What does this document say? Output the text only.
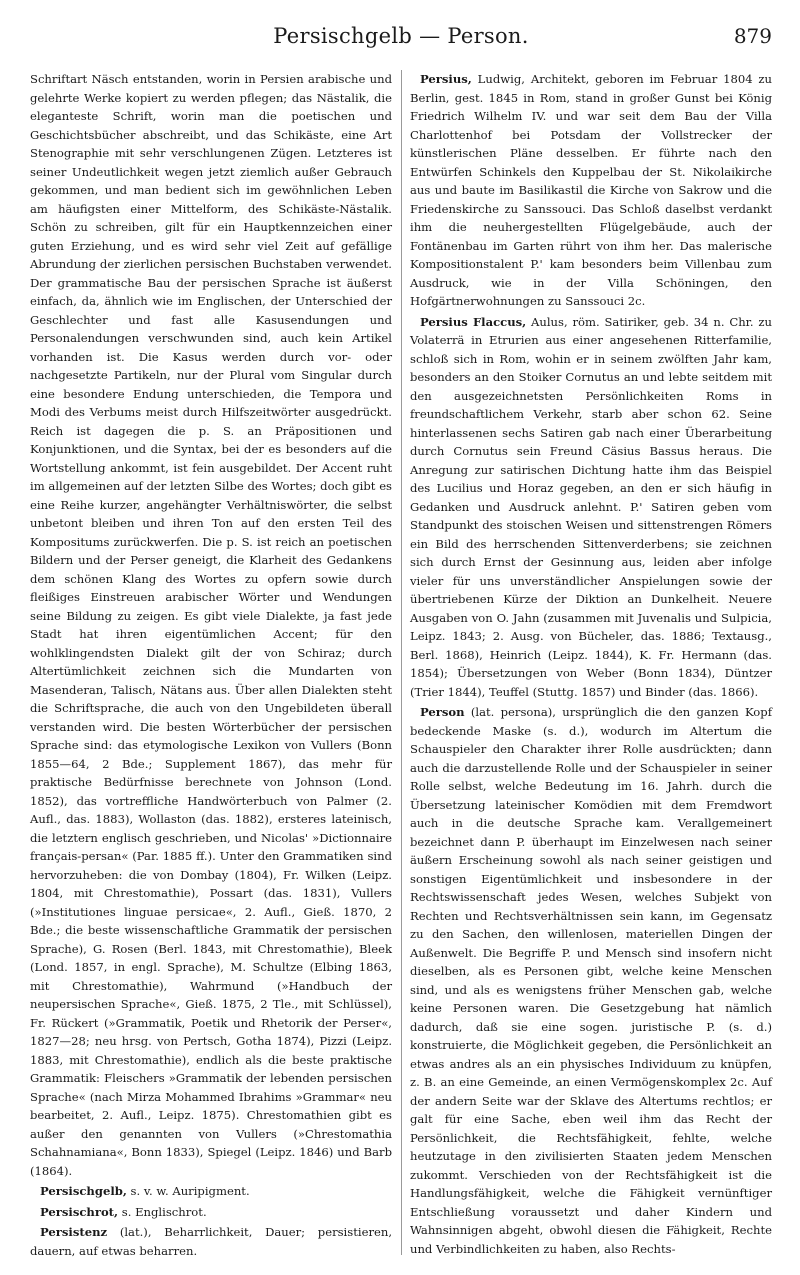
Persischgelb — Person.	879

Schriftart Näsch entstanden, worin in Persien arabische und gelehrte Werke kopiert zu werden pflegen; das Nästalik, die eleganteste Schrift, worin man die poetischen und Geschichtsbücher abschreibt, und das Schikäste, eine Art Stenographie mit sehr verschlungenen Zügen. Letzteres ist seiner Undeutlichkeit wegen jetzt ziemlich außer Gebrauch gekommen, und man bedient sich im gewöhnlichen Leben am häufigsten einer Mittelform, des Schikäste-Nästalik. Schön zu schreiben, gilt für ein Hauptkennzeichen einer guten Erziehung, und es wird sehr viel Zeit auf gefällige Abrundung der zierlichen persischen Buchstaben verwendet. Der grammatische Bau der persischen Sprache ist äußerst einfach, da, ähnlich wie im Englischen, der Unterschied der Geschlechter und fast alle Kasusendungen und Personalendungen verschwunden sind, auch kein Artikel vorhanden ist. Die Kasus werden durch vor- oder nachgesetzte Partikeln, nur der Plural vom Singular durch eine besondere Endung unterschieden, die Tempora und Modi des Verbums meist durch Hilfszeitwörter ausgedrückt. Reich ist dagegen die p. S. an Präpositionen und Konjunktionen, und die Syntax, bei der es besonders auf die Wortstellung ankommt, ist fein ausgebildet. Der Accent ruht im allgemeinen auf der letzten Silbe des Wortes; doch gibt es eine Reihe kurzer, angehängter Verhältniswörter, die selbst unbetont bleiben und ihren Ton auf den ersten Teil des Kompositums zurückwerfen. Die p. S. ist reich an poetischen Bildern und der Perser geneigt, die Klarheit des Gedankens dem schönen Klang des Wortes zu opfern sowie durch fleißiges Einstreuen arabischer Wörter und Wendungen seine Bildung zu zeigen. Es gibt viele Dialekte, ja fast jede Stadt hat ihren eigentümlichen Accent; für den wohlklingendsten Dialekt gilt der von Schiraz; durch Altertümlichkeit zeichnen sich die Mundarten von Masenderan, Talisch, Nätans aus. Über allen Dialekten steht die Schriftsprache, die auch von den Ungebildeten überall verstanden wird. Die besten Wörterbücher der persischen Sprache sind: das etymologische Lexikon von Vullers (Bonn 1855—64, 2 Bde.; Supplement 1867), das mehr für praktische Bedürfnisse berechnete von Johnson (Lond. 1852), das vortreffliche Handwörterbuch von Palmer (2. Aufl., das. 1883), Wollaston (das. 1882), ersteres lateinisch, die letztern englisch geschrieben, und Nicolas' »Dictionnaire français-persan« (Par. 1885 ff.). Unter den Grammatiken sind hervorzuheben: die von Dombay (1804), Fr. Wilken (Leipz. 1804, mit Chrestomathie), Possart (das. 1831), Vullers (»Institutiones linguae persicae«, 2. Aufl., Gieß. 1870, 2 Bde.; die beste wissenschaftliche Grammatik der persischen Sprache), G. Rosen (Berl. 1843, mit Chrestomathie), Bleek (Lond. 1857, in engl. Sprache), M. Schultze (Elbing 1863, mit Chrestomathie), Wahrmund (»Handbuch der neupersischen Sprache«, Gieß. 1875, 2 Tle., mit Schlüssel), Fr. Rückert (»Grammatik, Poetik und Rhetorik der Perser«, 1827—28; neu hrsg. von Pertsch, Gotha 1874), Pizzi (Leipz. 1883, mit Chrestomathie), endlich als die beste praktische Grammatik: Fleischers »Grammatik der lebenden persischen Sprache« (nach Mirza Mohammed Ibrahims »Grammar« neu bearbeitet, 2. Aufl., Leipz. 1875). Chrestomathien gibt es außer den genannten von Vullers (»Chrestomathia Schahnamiana«, Bonn 1833), Spiegel (Leipz. 1846) und Barb (1864).

Persischgelb, s. v. w. Auripigment.

Persischrot, s. Englischrot.

Persistenz (lat.), Beharrlichkeit, Dauer; persistieren, dauern, auf etwas beharren.

Persius, Ludwig, Architekt, geboren im Februar 1804 zu Berlin, gest. 1845 in Rom, stand in großer Gunst bei König Friedrich Wilhelm IV. und war seit dem Bau der Villa Charlottenhof bei Potsdam der Vollstrecker der künstlerischen Pläne desselben. Er führte nach den Entwürfen Schinkels den Kuppelbau der St. Nikolaikirche aus und baute im Basilikastil die Kirche von Sakrow und die Friedenskirche zu Sanssouci. Das Schloß daselbst verdankt ihm die neuhergestellten Flügelgebäude, auch der Fontänenbau im Garten rührt von ihm her. Das malerische Kompositionstalent P.' kam besonders beim Villenbau zum Ausdruck, wie in der Villa Schöningen, den Hofgärtnerwohnungen zu Sanssouci 2c.

Persius Flaccus, Aulus, röm. Satiriker, geb. 34 n. Chr. zu Volaterrä in Etrurien aus einer angesehenen Ritterfamilie, schloß sich in Rom, wohin er in seinem zwölften Jahr kam, besonders an den Stoiker Cornutus an und lebte seitdem mit den ausgezeichnetsten Persönlichkeiten Roms in freundschaftlichem Verkehr, starb aber schon 62. Seine hinterlassenen sechs Satiren gab nach einer Überarbeitung durch Cornutus sein Freund Cäsius Bassus heraus. Die Anregung zur satirischen Dichtung hatte ihm das Beispiel des Lucilius und Horaz gegeben, an den er sich häufig in Gedanken und Ausdruck anlehnt. P.' Satiren geben vom Standpunkt des stoischen Weisen und sittenstrengen Römers ein Bild des herrschenden Sittenverderbens; sie zeichnen sich durch Ernst der Gesinnung aus, leiden aber infolge vieler für uns unverständlicher Anspielungen sowie der übertriebenen Kürze der Diktion an Dunkelheit. Neuere Ausgaben von O. Jahn (zusammen mit Juvenalis und Sulpicia, Leipz. 1843; 2. Ausg. von Bücheler, das. 1886; Textausg., Berl. 1868), Heinrich (Leipz. 1844), K. Fr. Hermann (das. 1854); Übersetzungen von Weber (Bonn 1834), Düntzer (Trier 1844), Teuffel (Stuttg. 1857) und Binder (das. 1866).

Person (lat. persona), ursprünglich die den ganzen Kopf bedeckende Maske (s. d.), wodurch im Altertum die Schauspieler den Charakter ihrer Rolle ausdrückten; dann auch die darzustellende Rolle und der Schauspieler in seiner Rolle selbst, welche Bedeutung im 16. Jahrh. durch die Übersetzung lateinischer Komödien mit dem Fremdwort auch in die deutsche Sprache kam. Verallgemeinert bezeichnet dann P. überhaupt im Einzelwesen nach seiner äußern Erscheinung sowohl als nach seiner geistigen und sonstigen Eigentümlichkeit und insbesondere in der Rechtswissenschaft jedes Wesen, welches Subjekt von Rechten und Rechtsverhältnissen sein kann, im Gegensatz zu den Sachen, den willenlosen, materiellen Dingen der Außenwelt. Die Begriffe P. und Mensch sind insofern nicht dieselben, als es Personen gibt, welche keine Menschen sind, und als es wenigstens früher Menschen gab, welche keine Personen waren. Die Gesetzgebung hat nämlich dadurch, daß sie eine sogen. juristische P. (s. d.) konstruierte, die Möglichkeit gegeben, die Persönlichkeit an etwas andres als an ein physisches Individuum zu knüpfen, z. B. an eine Gemeinde, an einen Vermögenskomplex 2c. Auf der andern Seite war der Sklave des Altertums rechtlos; er galt für eine Sache, eben weil ihm das Recht der Persönlichkeit, die Rechtsfähigkeit, fehlte, welche heutzutage in den zivilisierten Staaten jedem Menschen zukommt. Verschieden von der Rechtsfähigkeit ist die Handlungsfähigkeit, welche die Fähigkeit vernünftiger Entschließung voraussetzt und daher Kindern und Wahnsinnigen abgeht, obwohl diesen die Fähigkeit, Rechte und Verbindlichkeiten zu haben, also Rechts-
